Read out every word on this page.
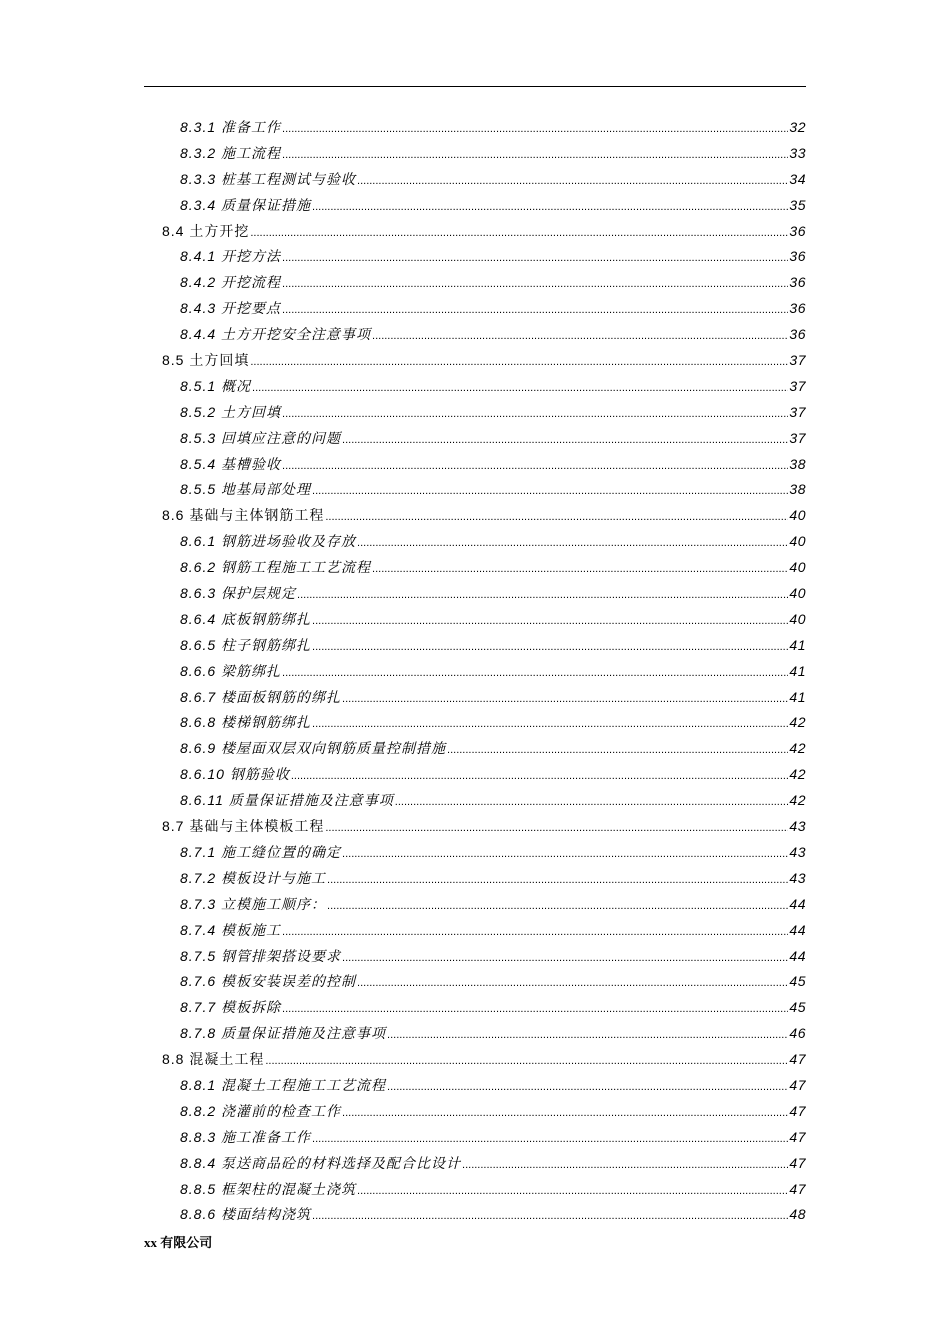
8.3.1 准备工作 .....	32
8.3.2 施工流程 .....	33
8.3.3 桩基工程测试与验收 .....	34
8.3.4 质量保证措施 .....	35
8.4 土方开挖 .....	36
8.4.1 开挖方法 .....	36
8.4.2 开挖流程 .....	36
8.4.3 开挖要点 .....	36
8.4.4 土方开挖安全注意事项 .....	36
8.5 土方回填 .....	37
8.5.1 概况 .....	37
8.5.2 土方回填 .....	37
8.5.3 回填应注意的问题 .....	37
8.5.4 基槽验收 .....	38
8.5.5 地基局部处理 .....	38
8.6 基础与主体钢筋工程 .....	40
8.6.1 钢筋进场验收及存放 .....	40
8.6.2 钢筋工程施工工艺流程 .....	40
8.6.3 保护层规定 .....	40
8.6.4 底板钢筋绑扎 .....	40
8.6.5 柱子钢筋绑扎 .....	41
8.6.6 梁筋绑扎 .....	41
8.6.7 楼面板钢筋的绑扎 .....	41
8.6.8 楼梯钢筋绑扎 .....	42
8.6.9 楼屋面双层双向钢筋质量控制措施 .....	42
8.6.10 钢筋验收 .....	42
8.6.11 质量保证措施及注意事项 .....	42
8.7 基础与主体模板工程 .....	43
8.7.1 施工缝位置的确定 .....	43
8.7.2 模板设计与施工 .....	43
8.7.3 立模施工顺序： .....	44
8.7.4 模板施工 .....	44
8.7.5 钢管排架搭设要求 .....	44
8.7.6 模板安装误差的控制 .....	45
8.7.7 模板拆除 .....	45
8.7.8 质量保证措施及注意事项 .....	46
8.8 混凝土工程 .....	47
8.8.1 混凝土工程施工工艺流程 .....	47
8.8.2 浇灌前的检查工作 .....	47
8.8.3 施工准备工作 .....	47
8.8.4 泵送商品砼的材料选择及配合比设计 .....	47
8.8.5 框架柱的混凝土浇筑 .....	47
8.8.6 楼面结构浇筑 .....	48
xx 有限公司
